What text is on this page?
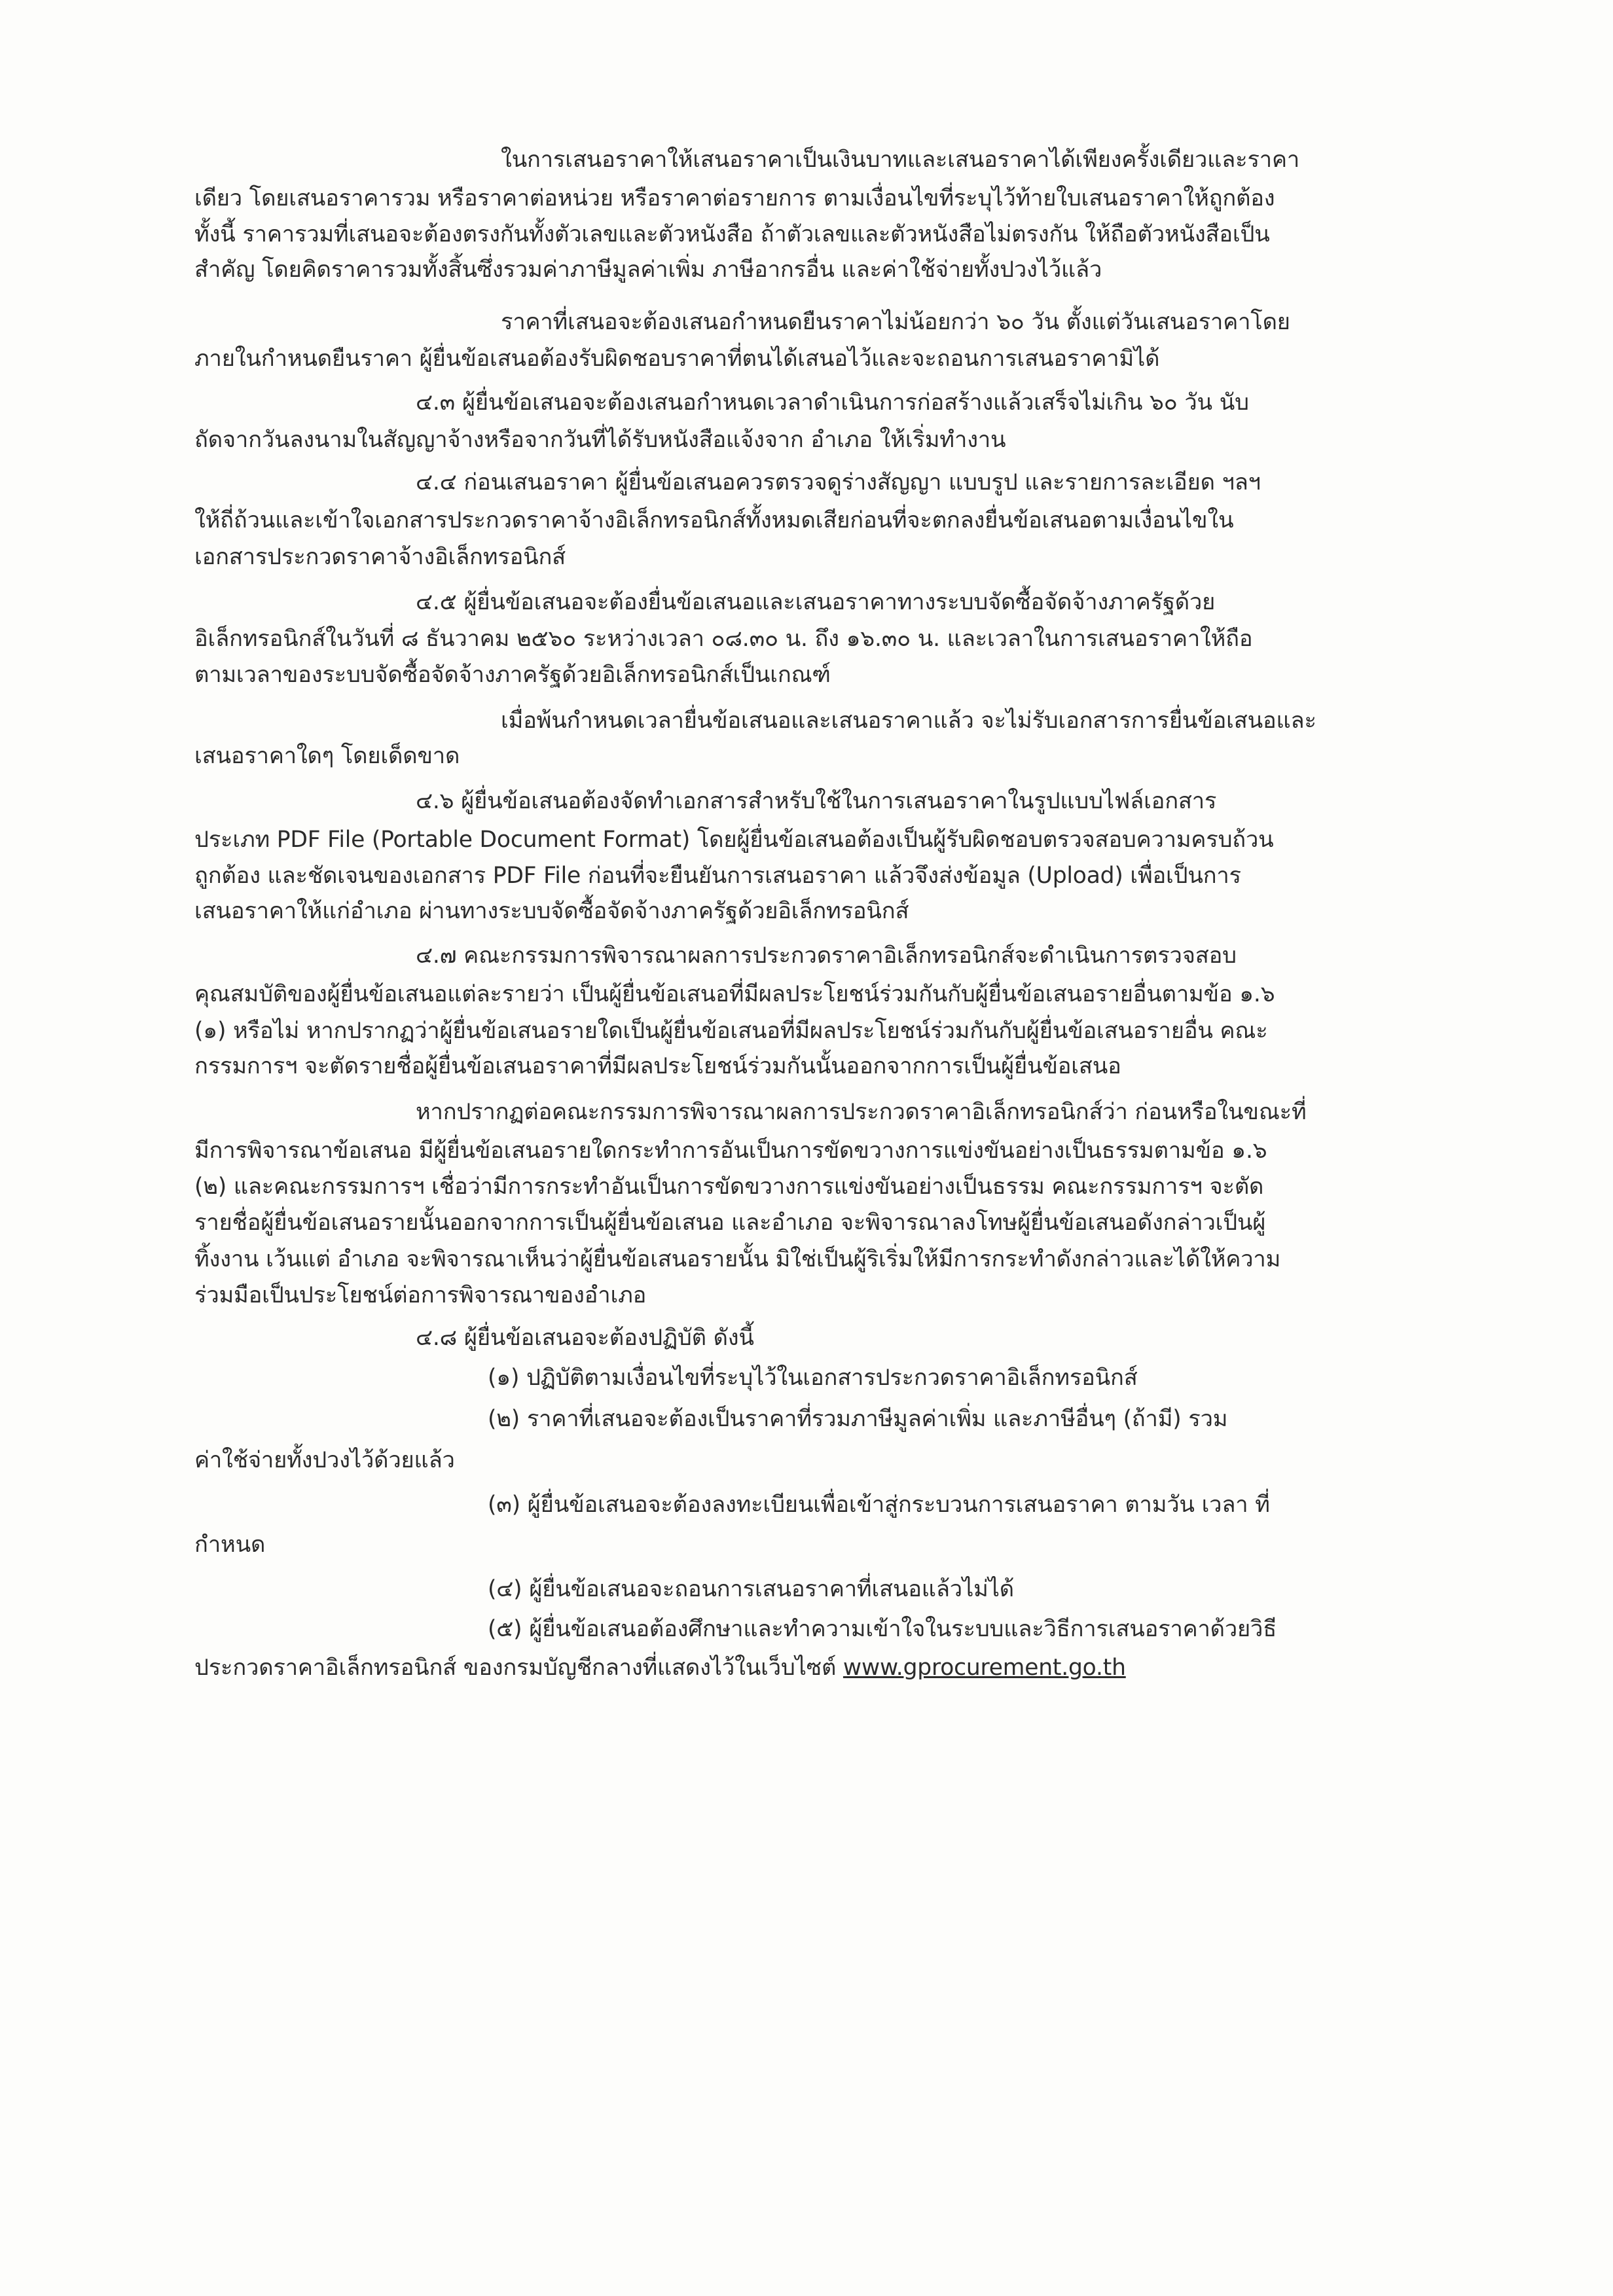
ในการเสนอราคาให้เสนอราคาเป็นเงินบาทและเสนอราคาได้เพียงครั้งเดียวและราคา
เดียว โดยเสนอราคารวม หรือราคาต่อหน่วย หรือราคาต่อรายการ ตามเงื่อนไขที่ระบุไว้ท้ายใบเสนอราคาให้ถูกต้อง
ทั้งนี้ ราคารวมที่เสนอจะต้องตรงกันทั้งตัวเลขและตัวหนังสือ ถ้าตัวเลขและตัวหนังสือไม่ตรงกัน ให้ถือตัวหนังสือเป็น
สำคัญ โดยคิดราคารวมทั้งสิ้นซึ่งรวมค่าภาษีมูลค่าเพิ่ม ภาษีอากรอื่น และค่าใช้จ่ายทั้งปวงไว้แล้ว
ราคาที่เสนอจะต้องเสนอกำหนดยืนราคาไม่น้อยกว่า ๖๐ วัน ตั้งแต่วันเสนอราคาโดย
ภายในกำหนดยืนราคา ผู้ยื่นข้อเสนอต้องรับผิดชอบราคาที่ตนได้เสนอไว้และจะถอนการเสนอราคามิได้
๔.๓ ผู้ยื่นข้อเสนอจะต้องเสนอกำหนดเวลาดำเนินการก่อสร้างแล้วเสร็จไม่เกิน ๖๐ วัน นับ
ถัดจากวันลงนามในสัญญาจ้างหรือจากวันที่ได้รับหนังสือแจ้งจาก อำเภอ ให้เริ่มทำงาน
๔.๔ ก่อนเสนอราคา ผู้ยื่นข้อเสนอควรตรวจดูร่างสัญญา แบบรูป และรายการละเอียด ฯลฯ
ให้ถี่ถ้วนและเข้าใจเอกสารประกวดราคาจ้างอิเล็กทรอนิกส์ทั้งหมดเสียก่อนที่จะตกลงยื่นข้อเสนอตามเงื่อนไขใน
เอกสารประกวดราคาจ้างอิเล็กทรอนิกส์
๔.๕ ผู้ยื่นข้อเสนอจะต้องยื่นข้อเสนอและเสนอราคาทางระบบจัดซื้อจัดจ้างภาครัฐด้วย
อิเล็กทรอนิกส์ในวันที่ ๘ ธันวาคม ๒๕๖๐ ระหว่างเวลา ๐๘.๓๐ น. ถึง ๑๖.๓๐ น. และเวลาในการเสนอราคาให้ถือ
ตามเวลาของระบบจัดซื้อจัดจ้างภาครัฐด้วยอิเล็กทรอนิกส์เป็นเกณฑ์
เมื่อพ้นกำหนดเวลายื่นข้อเสนอและเสนอราคาแล้ว จะไม่รับเอกสารการยื่นข้อเสนอและ
เสนอราคาใดๆ โดยเด็ดขาด
๔.๖ ผู้ยื่นข้อเสนอต้องจัดทำเอกสารสำหรับใช้ในการเสนอราคาในรูปแบบไฟล์เอกสาร
ประเภท PDF File (Portable Document Format) โดยผู้ยื่นข้อเสนอต้องเป็นผู้รับผิดชอบตรวจสอบความครบถ้วน
ถูกต้อง และชัดเจนของเอกสาร PDF File ก่อนที่จะยืนยันการเสนอราคา แล้วจึงส่งข้อมูล (Upload) เพื่อเป็นการ
เสนอราคาให้แก่อำเภอ ผ่านทางระบบจัดซื้อจัดจ้างภาครัฐด้วยอิเล็กทรอนิกส์
๔.๗ คณะกรรมการพิจารณาผลการประกวดราคาอิเล็กทรอนิกส์จะดำเนินการตรวจสอบ
คุณสมบัติของผู้ยื่นข้อเสนอแต่ละรายว่า เป็นผู้ยื่นข้อเสนอที่มีผลประโยชน์ร่วมกันกับผู้ยื่นข้อเสนอรายอื่นตามข้อ ๑.๖
(๑) หรือไม่ หากปรากฏว่าผู้ยื่นข้อเสนอรายใดเป็นผู้ยื่นข้อเสนอที่มีผลประโยชน์ร่วมกันกับผู้ยื่นข้อเสนอรายอื่น คณะ
กรรมการฯ จะตัดรายชื่อผู้ยื่นข้อเสนอราคาที่มีผลประโยชน์ร่วมกันนั้นออกจากการเป็นผู้ยื่นข้อเสนอ
หากปรากฏต่อคณะกรรมการพิจารณาผลการประกวดราคาอิเล็กทรอนิกส์ว่า ก่อนหรือในขณะที่
มีการพิจารณาข้อเสนอ มีผู้ยื่นข้อเสนอรายใดกระทำการอันเป็นการขัดขวางการแข่งขันอย่างเป็นธรรมตามข้อ ๑.๖
(๒) และคณะกรรมการฯ เชื่อว่ามีการกระทำอันเป็นการขัดขวางการแข่งขันอย่างเป็นธรรม คณะกรรมการฯ จะตัด
รายชื่อผู้ยื่นข้อเสนอรายนั้นออกจากการเป็นผู้ยื่นข้อเสนอ และอำเภอ จะพิจารณาลงโทษผู้ยื่นข้อเสนอดังกล่าวเป็นผู้
ทิ้งงาน เว้นแต่ อำเภอ จะพิจารณาเห็นว่าผู้ยื่นข้อเสนอรายนั้น มิใช่เป็นผู้ริเริ่มให้มีการกระทำดังกล่าวและได้ให้ความ
ร่วมมือเป็นประโยชน์ต่อการพิจารณาของอำเภอ
๔.๘ ผู้ยื่นข้อเสนอจะต้องปฏิบัติ ดังนี้
(๑) ปฏิบัติตามเงื่อนไขที่ระบุไว้ในเอกสารประกวดราคาอิเล็กทรอนิกส์
(๒) ราคาที่เสนอจะต้องเป็นราคาที่รวมภาษีมูลค่าเพิ่ม และภาษีอื่นๆ (ถ้ามี) รวม
ค่าใช้จ่ายทั้งปวงไว้ด้วยแล้ว
(๓) ผู้ยื่นข้อเสนอจะต้องลงทะเบียนเพื่อเข้าสู่กระบวนการเสนอราคา ตามวัน เวลา ที่
กำหนด
(๔) ผู้ยื่นข้อเสนอจะถอนการเสนอราคาที่เสนอแล้วไม่ได้
(๕) ผู้ยื่นข้อเสนอต้องศึกษาและทำความเข้าใจในระบบและวิธีการเสนอราคาด้วยวิธี
ประกวดราคาอิเล็กทรอนิกส์ ของกรมบัญชีกลางที่แสดงไว้ในเว็บไซต์ www.gprocurement.go.th
